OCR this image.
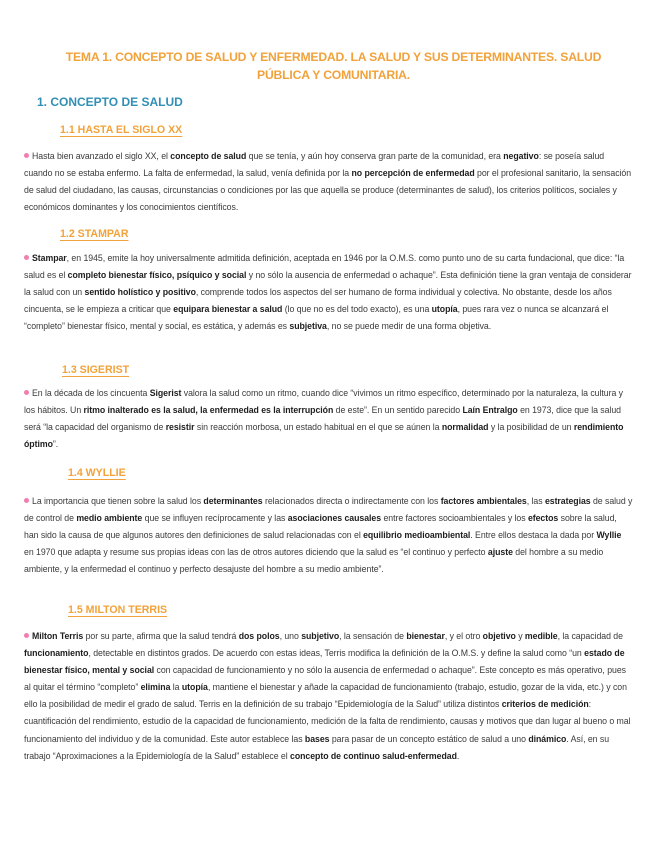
TEMA 1. CONCEPTO DE SALUD Y ENFERMEDAD. LA SALUD Y SUS DETERMINANTES. SALUD PÚBLICA Y COMUNITARIA.
1. CONCEPTO DE SALUD
1.1 HASTA EL SIGLO XX
Hasta bien avanzado el siglo XX, el concepto de salud que se tenía, y aún hoy conserva gran parte de la comunidad, era negativo: se poseía salud cuando no se estaba enfermo. La falta de enfermedad, la salud, venía definida por la no percepción de enfermedad por el profesional sanitario, la sensación de salud del ciudadano, las causas, circunstancias o condiciones por las que aquella se produce (determinantes de salud), los criterios políticos, sociales y económicos dominantes y los conocimientos científicos.
1.2 STAMPAR
Stampar, en 1945, emite la hoy universalmente admitida definición, aceptada en 1946 por la O.M.S. como punto uno de su carta fundacional, que dice: “la salud es el completo bienestar físico, psíquico y social y no sólo la ausencia de enfermedad o achaque”. Esta definición tiene la gran ventaja de considerar la salud con un sentido holístico y positivo, comprende todos los aspectos del ser humano de forma individual y colectiva. No obstante, desde los años cincuenta, se le empieza a criticar que equipara bienestar a salud (lo que no es del todo exacto), es una utopía, pues rara vez o nunca se alcanzará el “completo” bienestar físico, mental y social, es estática, y además es subjetiva, no se puede medir de una forma objetiva.
1.3 SIGERIST
En la década de los cincuenta Sigerist valora la salud como un ritmo, cuando dice “vivimos un ritmo específico, determinado por la naturaleza, la cultura y los hábitos. Un ritmo inalterado es la salud, la enfermedad es la interrupción de este”. En un sentido parecido Laín Entralgo en 1973, dice que la salud será “la capacidad del organismo de resistir sin reacción morbosa, un estado habitual en el que se aúnen la normalidad y la posibilidad de un rendimiento óptimo”.
1.4 WYLLIE
La importancia que tienen sobre la salud los determinantes relacionados directa o indirectamente con los factores ambientales, las estrategias de salud y de control de medio ambiente que se influyen recíprocamente y las asociaciones causales entre factores socioambientales y los efectos sobre la salud, han sido la causa de que algunos autores den definiciones de salud relacionadas con el equilibrio medioambiental. Entre ellos destaca la dada por Wyllie en 1970 que adapta y resume sus propias ideas con las de otros autores diciendo que la salud es “el continuo y perfecto ajuste del hombre a su medio ambiente, y la enfermedad el continuo y perfecto desajuste del hombre a su medio ambiente”.
1.5 MILTON TERRIS
Milton Terris por su parte, afirma que la salud tendrá dos polos, uno subjetivo, la sensación de bienestar, y el otro objetivo y medible, la capacidad de funcionamiento, detectable en distintos grados. De acuerdo con estas ideas, Terris modifica la definición de la O.M.S. y define la salud como “un estado de bienestar físico, mental y social con capacidad de funcionamiento y no sólo la ausencia de enfermedad o achaque”. Este concepto es más operativo, pues al quitar el término “completo” elimina la utopía, mantiene el bienestar y añade la capacidad de funcionamiento (trabajo, estudio, gozar de la vida, etc.) y con ello la posibilidad de medir el grado de salud. Terris en la definición de su trabajo “Epidemiología de la Salud” utiliza distintos criterios de medición: cuantificación del rendimiento, estudio de la capacidad de funcionamiento, medición de la falta de rendimiento, causas y motivos que dan lugar al bueno o mal funcionamiento del individuo y de la comunidad. Este autor establece las bases para pasar de un concepto estático de salud a uno dinámico. Así, en su trabajo “Aproximaciones a la Epidemiología de la Salud” establece el concepto de continuo salud-enfermedad.
